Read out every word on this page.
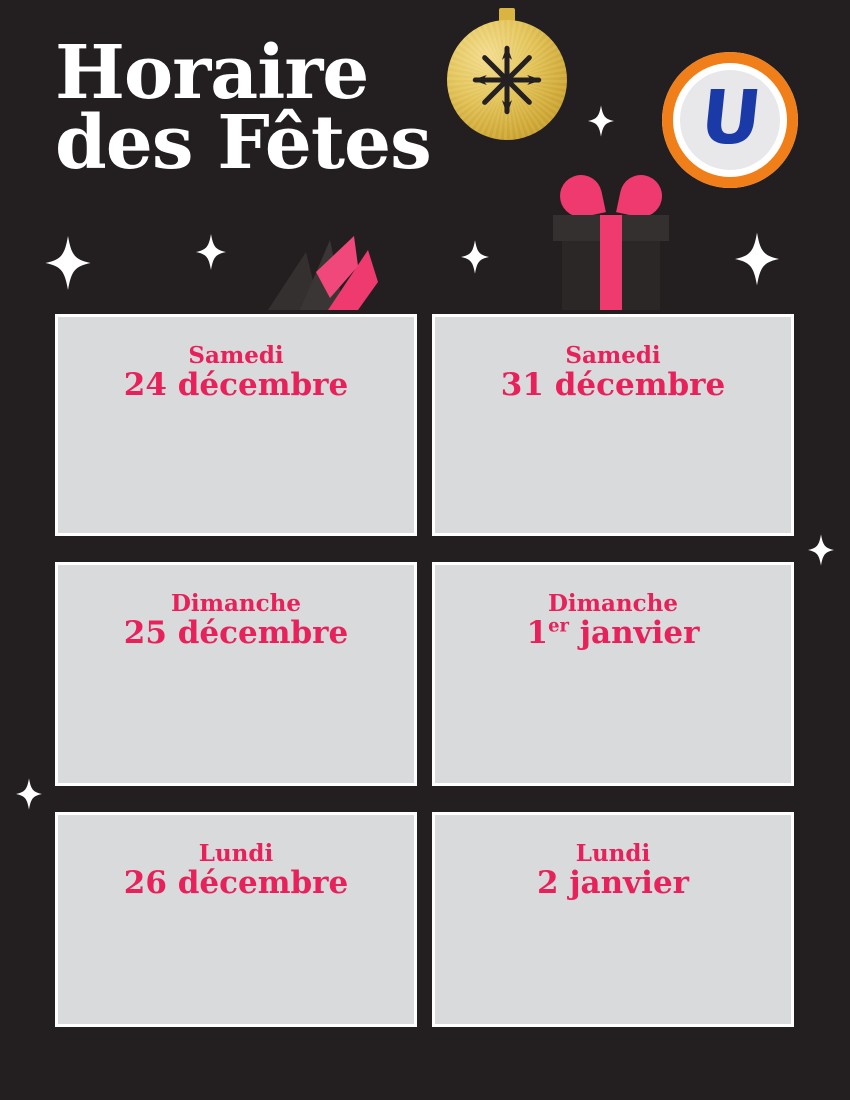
Horaire
des Fêtes	U
Samedi
24 décembre
Samedi
31 décembre
Dimanche
25 décembre
Dimanche
1er janvier
Lundi
26 décembre
Lundi
2 janvier
